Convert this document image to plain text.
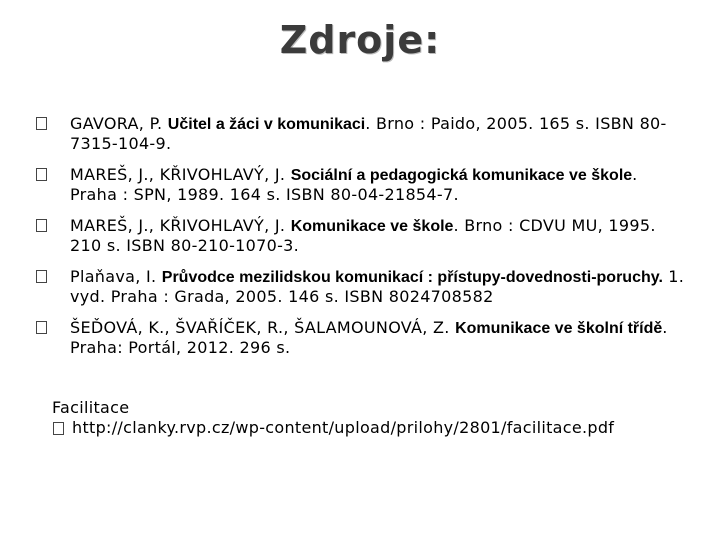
Zdroje:
GAVORA, P. Učitel a žáci v komunikaci. Brno : Paido, 2005. 165 s. ISBN 80-7315-104-9.
MAREŠ, J., KŘIVOHLAVÝ, J. Sociální a pedagogická komunikace ve škole. Praha : SPN, 1989. 164 s. ISBN 80-04-21854-7.
MAREŠ, J., KŘIVOHLAVÝ, J. Komunikace ve škole. Brno : CDVU MU, 1995. 210 s. ISBN 80-210-1070-3.
Plaňava, I. Průvodce mezilidskou komunikací : přístupy-dovednosti-poruchy. 1. vyd. Praha : Grada, 2005. 146 s. ISBN 8024708582
ŠEĎOVÁ, K., ŠVAŘÍČEK, R., ŠALAMOUNOVÁ, Z. Komunikace ve školní třídě. Praha: Portál, 2012. 296 s.
Facilitace
http://clanky.rvp.cz/wp-content/upload/prilohy/2801/facilitace.pdf
